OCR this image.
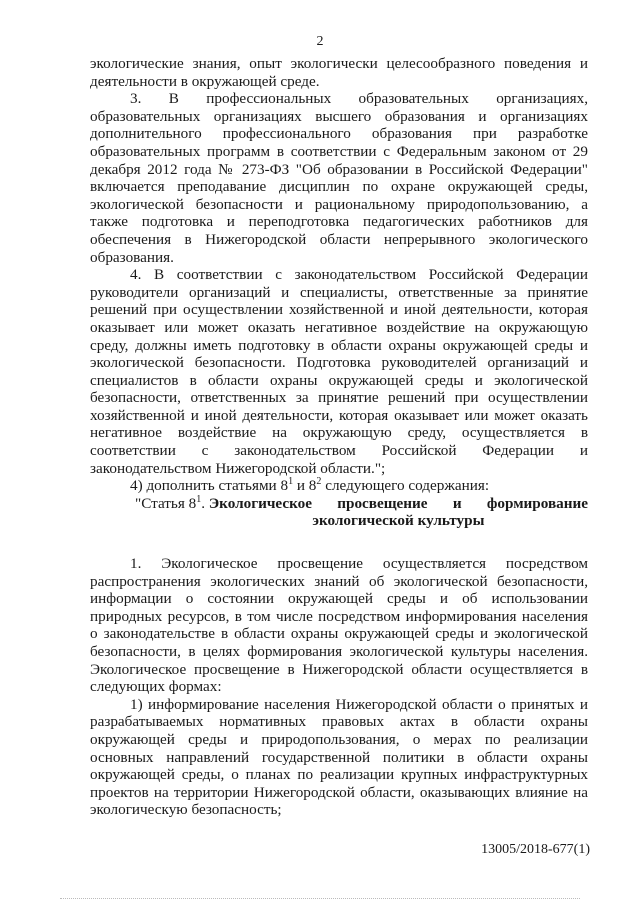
2

экологические знания, опыт экологически целесообразного поведения и деятельности в окружающей среде.

3. В профессиональных образовательных организациях, образовательных организациях высшего образования и организациях дополнительного профессионального образования при разработке образовательных программ в соответствии с Федеральным законом от 29 декабря 2012 года № 273-ФЗ "Об образовании в Российской Федерации" включается преподавание дисциплин по охране окружающей среды, экологической безопасности и рациональному природопользованию, а также подготовка и переподготовка педагогических работников для обеспечения в Нижегородской области непрерывного экологического образования.

4. В соответствии с законодательством Российской Федерации руководители организаций и специалисты, ответственные за принятие решений при осуществлении хозяйственной и иной деятельности, которая оказывает или может оказать негативное воздействие на окружающую среду, должны иметь подготовку в области охраны окружающей среды и экологической безопасности. Подготовка руководителей организаций и специалистов в области охраны окружающей среды и экологической безопасности, ответственных за принятие решений при осуществлении хозяйственной и иной деятельности, которая оказывает или может оказать негативное воздействие на окружающую среду, осуществляется в соответствии с законодательством Российской Федерации и законодательством Нижегородской области.";

4) дополнить статьями $8^1$ и $8^2$ следующего содержания:

"Статья $8^1$. Экологическое просвещение и формирование экологической культуры

1. Экологическое просвещение осуществляется посредством распространения экологических знаний об экологической безопасности, информации о состоянии окружающей среды и об использовании природных ресурсов, в том числе посредством информирования населения о законодательстве в области охраны окружающей среды и экологической безопасности, в целях формирования экологической культуры населения. Экологическое просвещение в Нижегородской области осуществляется в следующих формах:

1) информирование населения Нижегородской области о принятых и разрабатываемых нормативных правовых актах в области охраны окружающей среды и природопользования, о мерах по реализации основных направлений государственной политики в области охраны окружающей среды, о планах по реализации крупных инфраструктурных проектов на территории Нижегородской области, оказывающих влияние на экологическую безопасность;

13005/2018-677(1)
